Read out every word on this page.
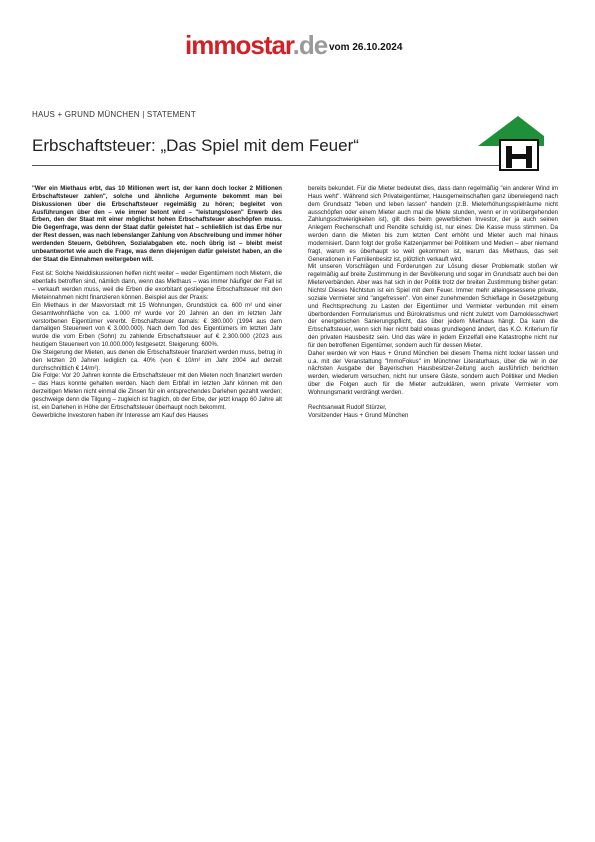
immostar.de vom 26.10.2024
HAUS + GRUND MÜNCHEN | STATEMENT
Erbschaftsteuer: „Das Spiel mit dem Feuer“

"Wer ein Miethaus erbt, das 10 Millionen wert ist, der kann doch locker 2 Millionen Erbschaftsteuer zahlen", solche und ähnliche Argumente bekommt man bei Diskussionen über die Erbschaftsteuer regelmäßig zu hören; begleitet von Ausführungen über den – wie immer betont wird – "leistungslosen" Erwerb des Erben, den der Staat mit einer möglichst hohen Erbschaftsteuer abschöpfen muss. Die Gegenfrage, was denn der Staat dafür geleistet hat – schließlich ist das Erbe nur der Rest dessen, was nach lebenslanger Zahlung von Abschreibung und immer höher werdenden Steuern, Gebühren, Sozialabgaben etc. noch übrig ist – bleibt meist unbeantwortet wie auch die Frage, was denn diejenigen dafür geleistet haben, an die der Staat die Einnahmen weitergeben will.

Fest ist: Solche Neiddiskussionen helfen nicht weiter – weder Eigentümern noch Mietern, die ebenfalls betroffen sind, nämlich dann, wenn das Miethaus – was immer häufiger der Fall ist – verkauft werden muss, weil die Erben die exorbitant gestiegene Erbschaftsteuer mit den Mieteinnahmen nicht finanzieren können. Beispiel aus der Praxis:

Ein Miethaus in der Maxvorstadt mit 15 Wohnungen, Grundstück ca. 600 m² und einer Gesamtwohnfläche von ca. 1.000 m² wurde vor 20 Jahren an den im letzten Jahr verstorbenen Eigentümer vererbt. Erbschaftsteuer damals: € 380.000 (1994 aus dem damaligen Steuerwert von € 3.000.000). Nach dem Tod des Eigentümers im letzten Jahr wurde die vom Erben (Sohn) zu zahlende Erbschaftsteuer auf € 2.300.000 (2023 aus heutigem Steuerwert von 10.000.000) festgesetzt. Steigerung: 600%.

Die Steigerung der Mieten, aus denen die Erbschaftsteuer finanziert werden muss, betrug in den letzten 20 Jahren lediglich ca. 40% (von € 10/m² im Jahr 2004 auf derzeit durchschnittlich € 14/m²).

Die Folge: Vor 20 Jahren konnte die Erbschaftsteuer mit den Mieten noch finanziert werden – das Haus konnte gehalten werden. Nach dem Erbfall im letzten Jahr können mit den derzeitigen Mieten nicht einmal die Zinsen für ein entsprechendes Darlehen gezahlt werden; geschweige denn die Tilgung – zugleich ist fraglich, ob der Erbe, der jetzt knapp 60 Jahre alt ist, ein Darlehen in Höhe der Erbschaftsteuer überhaupt noch bekommt.

Gewerbliche Investoren haben ihr Interesse am Kauf des Hauses

bereits bekundet. Für die Mieter bedeutet dies, dass dann regelmäßig "ein anderer Wind im Haus weht". Während sich Privateigentümer, Hausgemeinschaften ganz überwiegend nach dem Grundsatz "leben und leben lassen" handeln (z.B. Mieterhöhungsspielräume nicht ausschöpfen oder einem Mieter auch mal die Miete stunden, wenn er in vorübergehenden Zahlungsschwierigkeiten ist), gilt dies beim gewerblichen Investor, der ja auch seinen Anlegern Rechenschaft und Rendite schuldig ist, nur eines: Die Kasse muss stimmen. Da werden dann die Mieten bis zum letzten Cent erhöht und Mieter auch mal hinaus modernisiert. Dann folgt der große Katzenjammer bei Politikern und Medien – aber niemand fragt, warum es überhaupt so weit gekommen ist, warum das Miethaus, das seit Generationen in Familienbesitz ist, plötzlich verkauft wird.

Mit unseren Vorschlägen und Forderungen zur Lösung dieser Problematik stoßen wir regelmäßig auf breite Zustimmung in der Bevölkerung und sogar im Grundsatz auch bei den Mieterverbänden. Aber was hat sich in der Politik trotz der breiten Zustimmung bisher getan: Nichts! Dieses Nichtstun ist ein Spiel mit dem Feuer. Immer mehr alteingesessene private, soziale Vermieter sind "angefressen". Von einer zunehmenden Schieflage in Gesetzgebung und Rechtsprechung zu Lasten der Eigentümer und Vermieter verbunden mit einem überbordenden Formularismus und Bürokratismus und nicht zuletzt vom Damoklesschwert der energetischen Sanierungspflicht, das über jedem Miethaus hängt. Da kann die Erbschaftsteuer, wenn sich hier nicht bald etwas grundlegend ändert, das K.O. Kriterium für den privaten Hausbesitz sein. Und das wäre in jedem Einzelfall eine Katastrophe nicht nur für den betroffenen Eigentümer, sondern auch für dessen Mieter.

Daher werden wir von Haus + Grund München bei diesem Thema nicht locker lassen und u.a. mit der Veranstaltung "ImmoFokus" im Münchner Literaturhaus, über die wir in der nächsten Ausgabe der Bayerischen Hausbesitzer-Zeitung auch ausführlich berichten werden, wiederum versuchen, nicht nur unsere Gäste, sondern auch Politiker und Medien über die Folgen auch für die Mieter aufzuklären, wenn private Vermieter vom Wohnungsmarkt verdrängt werden.

Rechtsanwalt Rudolf Stürzer,

Vorsitzender Haus + Grund München
